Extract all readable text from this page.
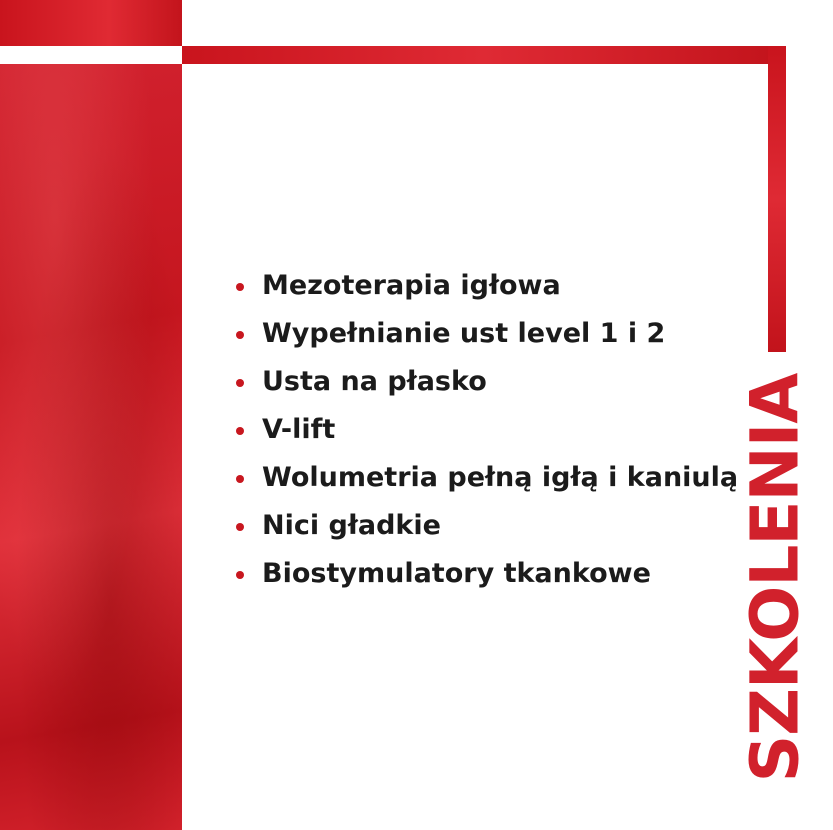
Mezoterapia igłowa
Wypełnianie ust level 1 i 2
Usta na płasko
V-lift
Wolumetria pełną igłą i kaniulą
Nici gładkie
Biostymulatory tkankowe	SZKOLENIA
